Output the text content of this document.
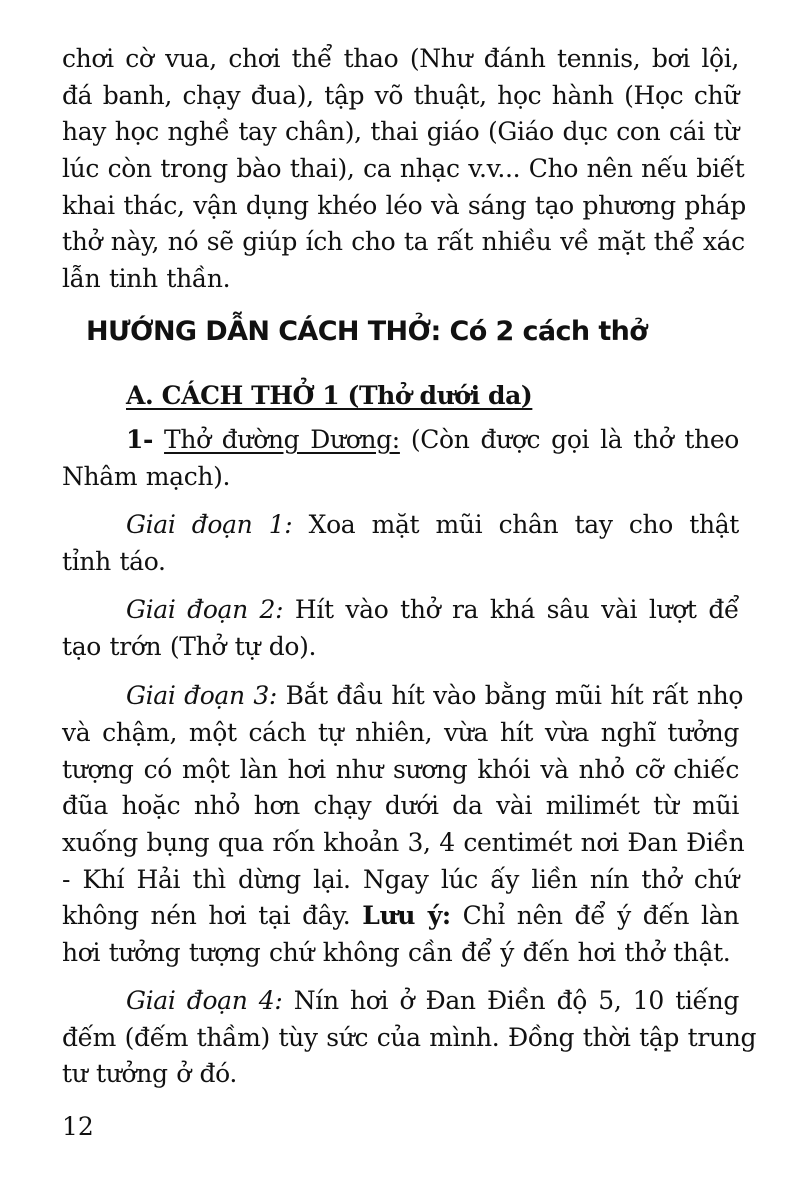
chơi cờ vua, chơi thể thao (Như đánh tennis, bơi lội,
đá banh, chạy đua), tập võ thuật, học hành (Học chữ
hay học nghề tay chân), thai giáo (Giáo dục con cái từ
lúc còn trong bào thai), ca nhạc v.v... Cho nên nếu biết
khai thác, vận dụng khéo léo và sáng tạo phương pháp
thở này, nó sẽ giúp ích cho ta rất nhiều về mặt thể xác
lẫn tinh thần.
HƯỚNG DẪN CÁCH THỞ: Có 2 cách thở
A. CÁCH THỞ 1 (Thở dưới da)
1- Thở đường Dương: (Còn được gọi là thở theo
Nhâm mạch).
Giai đoạn 1: Xoa mặt mũi chân tay cho thật
tỉnh táo.
Giai đoạn 2: Hít vào thở ra khá sâu vài lượt để
tạo trớn (Thở tự do).
Giai đoạn 3: Bắt đầu hít vào bằng mũi hít rất nhọ
và chậm, một cách tự nhiên, vừa hít vừa nghĩ tưởng
tượng có một làn hơi như sương khói và nhỏ cỡ chiếc
đũa hoặc nhỏ hơn chạy dưới da vài milimét từ mũi
xuống bụng qua rốn khoản 3, 4 centimét nơi Đan Điền
- Khí Hải thì dừng lại. Ngay lúc ấy liền nín thở chứ
không nén hơi tại đây. Lưu ý: Chỉ nên để ý đến làn
hơi tưởng tượng chứ không cần để ý đến hơi thở thật.
Giai đoạn 4: Nín hơi ở Đan Điền độ 5, 10 tiếng
đếm (đếm thầm) tùy sức của mình. Đồng thời tập trung
tư tưởng ở đó.
12
